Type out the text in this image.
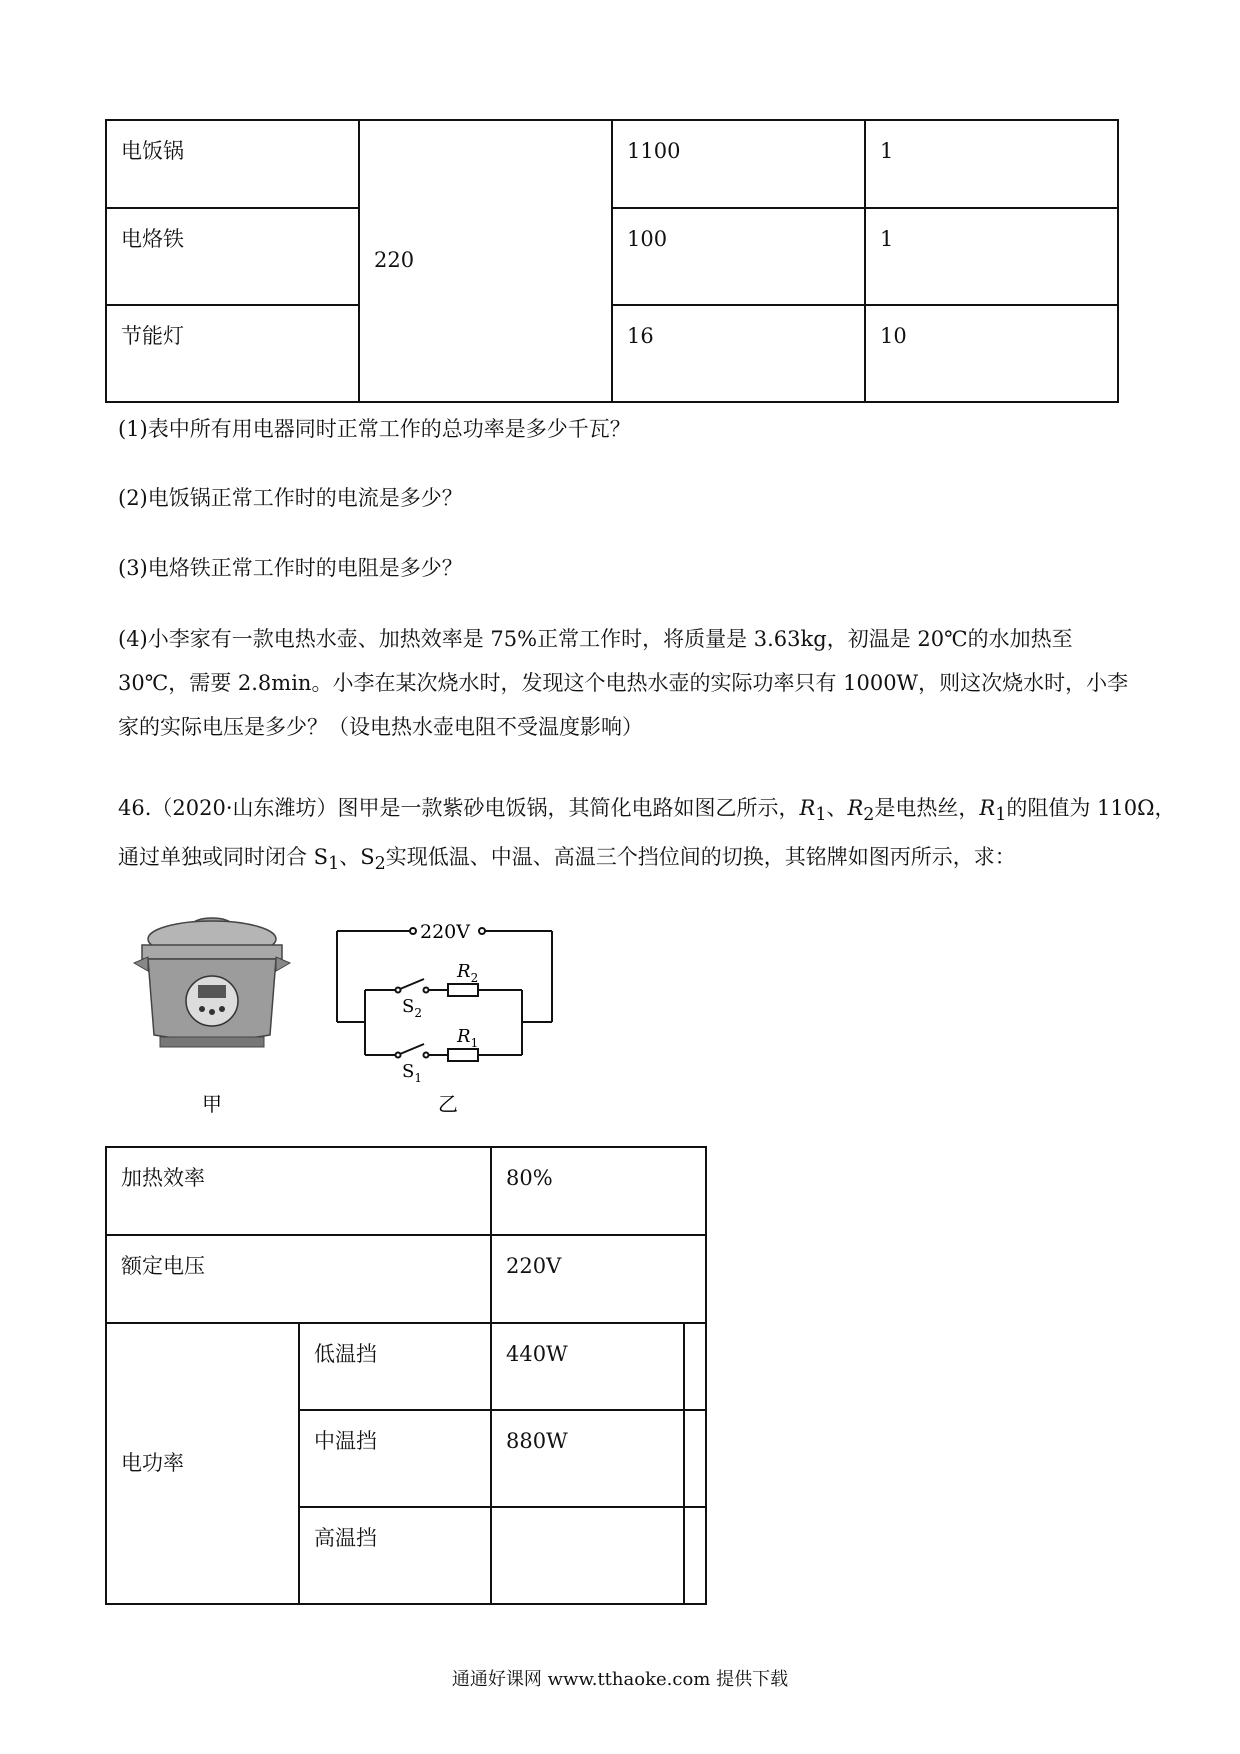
电饭锅	220	1100	1
电烙铁		100	1
节能灯		16	10

(1)表中所有用电器同时正常工作的总功率是多少千瓦？

(2)电饭锅正常工作时的电流是多少？

(3)电烙铁正常工作时的电阻是多少？

(4)小李家有一款电热水壶、加热效率是 75%正常工作时，将质量是 3.63kg，初温是 20℃的水加热至 30℃，需要 2.8min。小李在某次烧水时，发现这个电热水壶的实际功率只有 1000W，则这次烧水时，小李家的实际电压是多少？（设电热水壶电阻不受温度影响）

46.（2020·山东潍坊）图甲是一款紫砂电饭锅，其简化电路如图乙所示，$R_1$、$R_2$是电热丝，$R_1$的阻值为 110Ω，

通过单独或同时闭合 $S_1$、$S_2$实现低温、中温、高温三个挡位间的切换，其铭牌如图丙所示，求：

甲
220V
$R_2$
$R_1$
$S_2$
$S_1$
乙
加热效率		80%	
额定电压		220V	
电功率	低温挡	440W	
	中温挡	880W	
	高温挡		
通通好课网 www.tthaoke.com 提供下载
